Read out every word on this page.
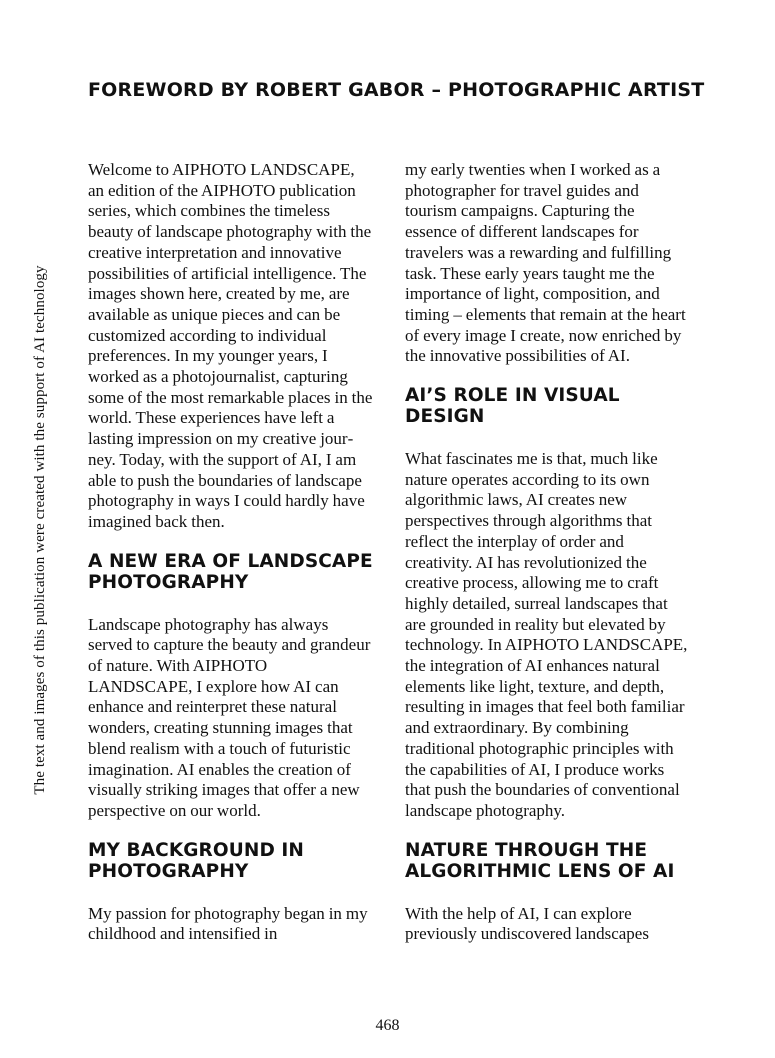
The text and images of this publication were created with the support of AI technology
FOREWORD BY ROBERT GABOR – PHOTOGRAPHIC ARTIST

Welcome to AIPHOTO LANDSCAPE, an edition of the AIPHOTO publication series, which combines the timeless beauty of landscape photography with the creative interpretation and innovative possibilities of artificial intelligence. The images shown here, created by me, are available as unique pieces and can be customized according to individual preferences. In my younger years, I worked as a photojournalist, capturing some of the most remarkable places in the world. These experiences have left a lasting impression on my creative journey. Today, with the support of AI, I am able to push the boundaries of landscape photography in ways I could hardly have imagined back then.

A NEW ERA OF LANDSCAPE PHOTOGRAPHY

Landscape photography has always served to capture the beauty and grandeur of nature. With AIPHOTO LANDSCAPE, I explore how AI can enhance and reinterpret these natural wonders, creating stunning images that blend realism with a touch of futuristic imagination. AI enables the creation of visually striking images that offer a new perspective on our world.

MY BACKGROUND IN PHOTOGRAPHY

My passion for photography began in my childhood and intensified in

my early twenties when I worked as a photographer for travel guides and tourism campaigns. Capturing the essence of different landscapes for travelers was a rewarding and fulfilling task. These early years taught me the importance of light, composition, and timing – elements that remain at the heart of every image I create, now enriched by the innovative possibilities of AI.

AI’S ROLE IN VISUAL DESIGN

What fascinates me is that, much like nature operates according to its own algorithmic laws, AI creates new perspectives through algorithms that reflect the interplay of order and creativity. AI has revolutionized the creative process, allowing me to craft highly detailed, surreal landscapes that are grounded in reality but elevated by technology. In AIPHOTO LANDSCAPE, the integration of AI enhances natural elements like light, texture, and depth, resulting in images that feel both familiar and extraordinary. By combining traditional photographic principles with the capabilities of AI, I produce works that push the boundaries of conventional landscape photography.

NATURE THROUGH THE ALGORITHMIC LENS OF AI

With the help of AI, I can explore previously undiscovered landscapes

468
